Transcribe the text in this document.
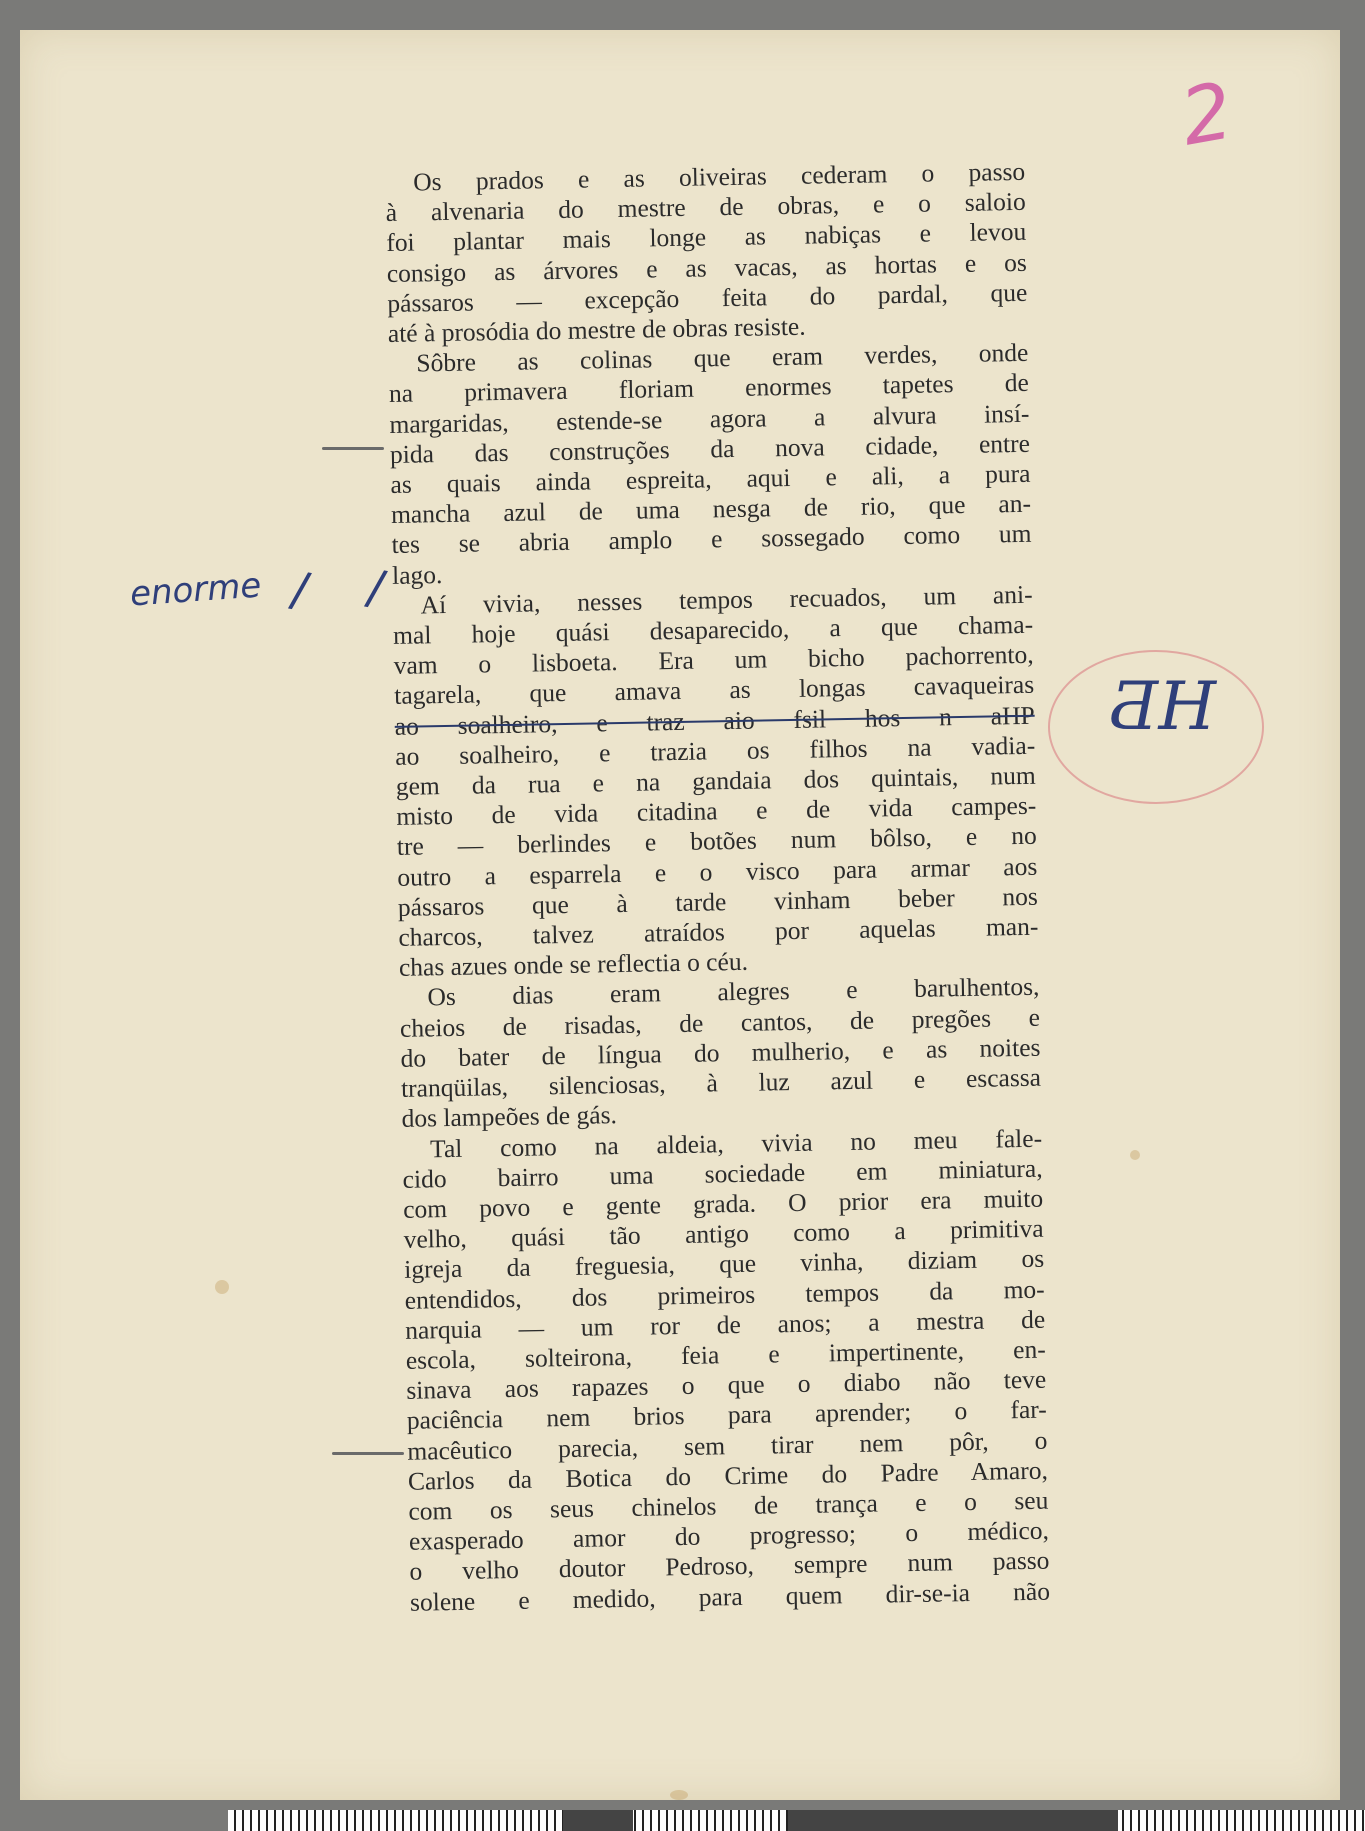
2
ƋH
enorme / /
Os prados e as oliveiras cederam o passo
à alvenaria do mestre de obras, e o saloio
foi plantar mais longe as nabiças e levou
consigo as árvores e as vacas, as hortas e os
pássaros — excepção feita do pardal, que
até à prosódia do mestre de obras resiste.
Sôbre as colinas que eram verdes, onde
na primavera floriam enormes tapetes de
margaridas, estende-se agora a alvura insí-
pida das construções da nova cidade, entre
as quais ainda espreita, aqui e ali, a pura
mancha azul de uma nesga de rio, que an-
tes se abria amplo e sossegado como um
lago.
Aí vivia, nesses tempos recuados, um ani-
mal hoje quási desaparecido, a que chama-
vam o lisboeta. Era um bicho pachorrento,
tagarela, que amava as longas cavaqueiras
ao soalheiro, e traz aio fsil hos n aHP
ao soalheiro, e trazia os filhos na vadia-
gem da rua e na gandaia dos quintais, num
misto de vida citadina e de vida campes-
tre — berlindes e botões num bôlso, e no
outro a esparrela e o visco para armar aos
pássaros que à tarde vinham beber nos
charcos, talvez atraídos por aquelas man-
chas azues onde se reflectia o céu.
Os dias eram alegres e barulhentos,
cheios de risadas, de cantos, de pregões e
do bater de língua do mulherio, e as noites
tranqüilas, silenciosas, à luz azul e escassa
dos lampeões de gás.
Tal como na aldeia, vivia no meu fale-
cido bairro uma sociedade em miniatura,
com povo e gente grada. O prior era muito
velho, quási tão antigo como a primitiva
igreja da freguesia, que vinha, diziam os
entendidos, dos primeiros tempos da mo-
narquia — um ror de anos; a mestra de
escola, solteirona, feia e impertinente, en-
sinava aos rapazes o que o diabo não teve
paciência nem brios para aprender; o far-
macêutico parecia, sem tirar nem pôr, o
Carlos da Botica do Crime do Padre Amaro,
com os seus chinelos de trança e o seu
exasperado amor do progresso; o médico,
o velho doutor Pedroso, sempre num passo
solene e medido, para quem dir-se-ia não
